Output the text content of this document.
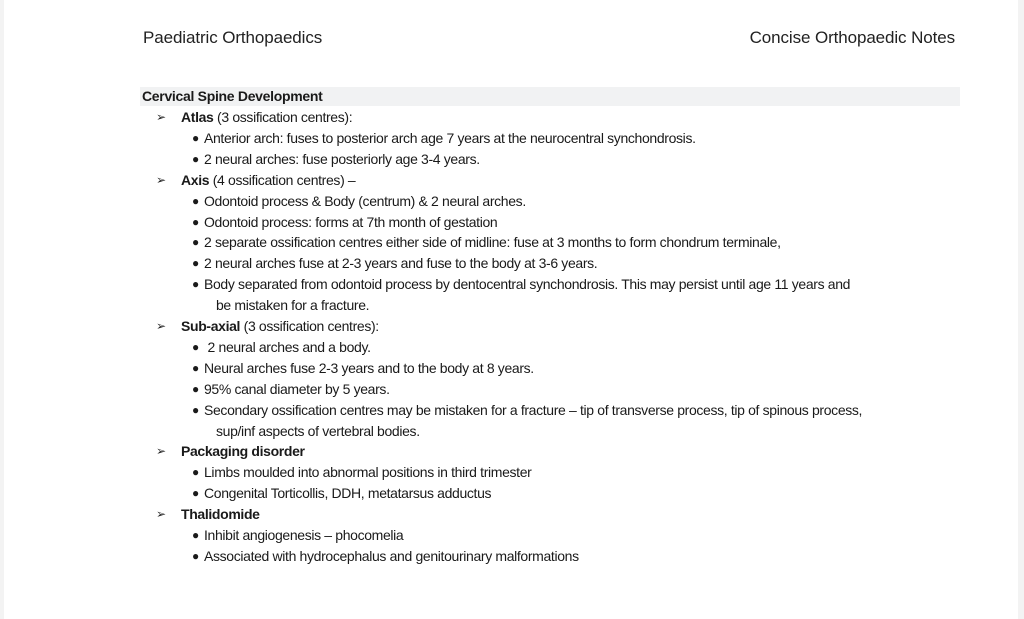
Paediatric Orthopaedics	Concise Orthopaedic Notes
Cervical Spine Development
➢ Atlas (3 ossification centres):
● Anterior arch: fuses to posterior arch age 7 years at the neurocentral synchondrosis.
● 2 neural arches: fuse posteriorly age 3-4 years.
➢ Axis (4 ossification centres) –
● Odontoid process & Body (centrum) & 2 neural arches.
● Odontoid process: forms at 7th month of gestation
● 2 separate ossification centres either side of midline: fuse at 3 months to form chondrum terminale,
● 2 neural arches fuse at 2-3 years and fuse to the body at 3-6 years.
● Body separated from odontoid process by dentocentral synchondrosis. This may persist until age 11 years and
be mistaken for a fracture.
➢ Sub-axial (3 ossification centres):
● 2 neural arches and a body.
● Neural arches fuse 2-3 years and to the body at 8 years.
● 95% canal diameter by 5 years.
● Secondary ossification centres may be mistaken for a fracture – tip of transverse process, tip of spinous process,
sup/inf aspects of vertebral bodies.
➢ Packaging disorder
● Limbs moulded into abnormal positions in third trimester
● Congenital Torticollis, DDH, metatarsus adductus
➢ Thalidomide
● Inhibit angiogenesis – phocomelia
● Associated with hydrocephalus and genitourinary malformations
